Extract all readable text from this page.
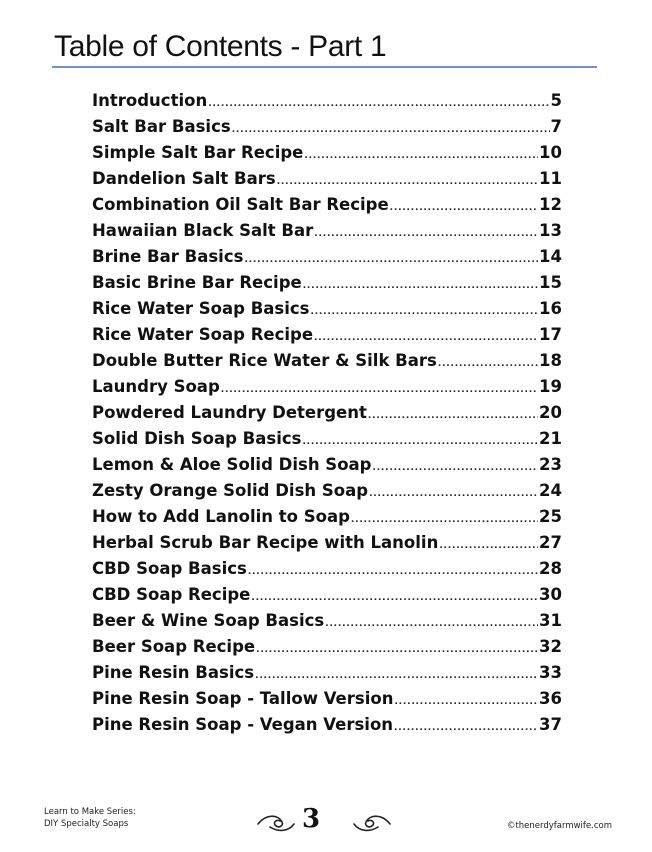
Table of Contents - Part 1
Introduction .....	5
Salt Bar Basics .....	7
Simple Salt Bar Recipe .....	10
Dandelion Salt Bars .....	11
Combination Oil Salt Bar Recipe .....	12
Hawaiian Black Salt Bar .....	13
Brine Bar Basics .....	14
Basic Brine Bar Recipe .....	15
Rice Water Soap Basics .....	16
Rice Water Soap Recipe .....	17
Double Butter Rice Water & Silk Bars .....	18
Laundry Soap .....	19
Powdered Laundry Detergent .....	20
Solid Dish Soap Basics .....	21
Lemon & Aloe Solid Dish Soap .....	23
Zesty Orange Solid Dish Soap .....	24
How to Add Lanolin to Soap .....	25
Herbal Scrub Bar Recipe with Lanolin .....	27
CBD Soap Basics .....	28
CBD Soap Recipe .....	30
Beer & Wine Soap Basics .....	31
Beer Soap Recipe .....	32
Pine Resin Basics .....	33
Pine Resin Soap - Tallow Version .....	36
Pine Resin Soap - Vegan Version .....	37
Learn to Make Series:
DIY Specialty Soaps	3	©thenerdyfarmwife.com
